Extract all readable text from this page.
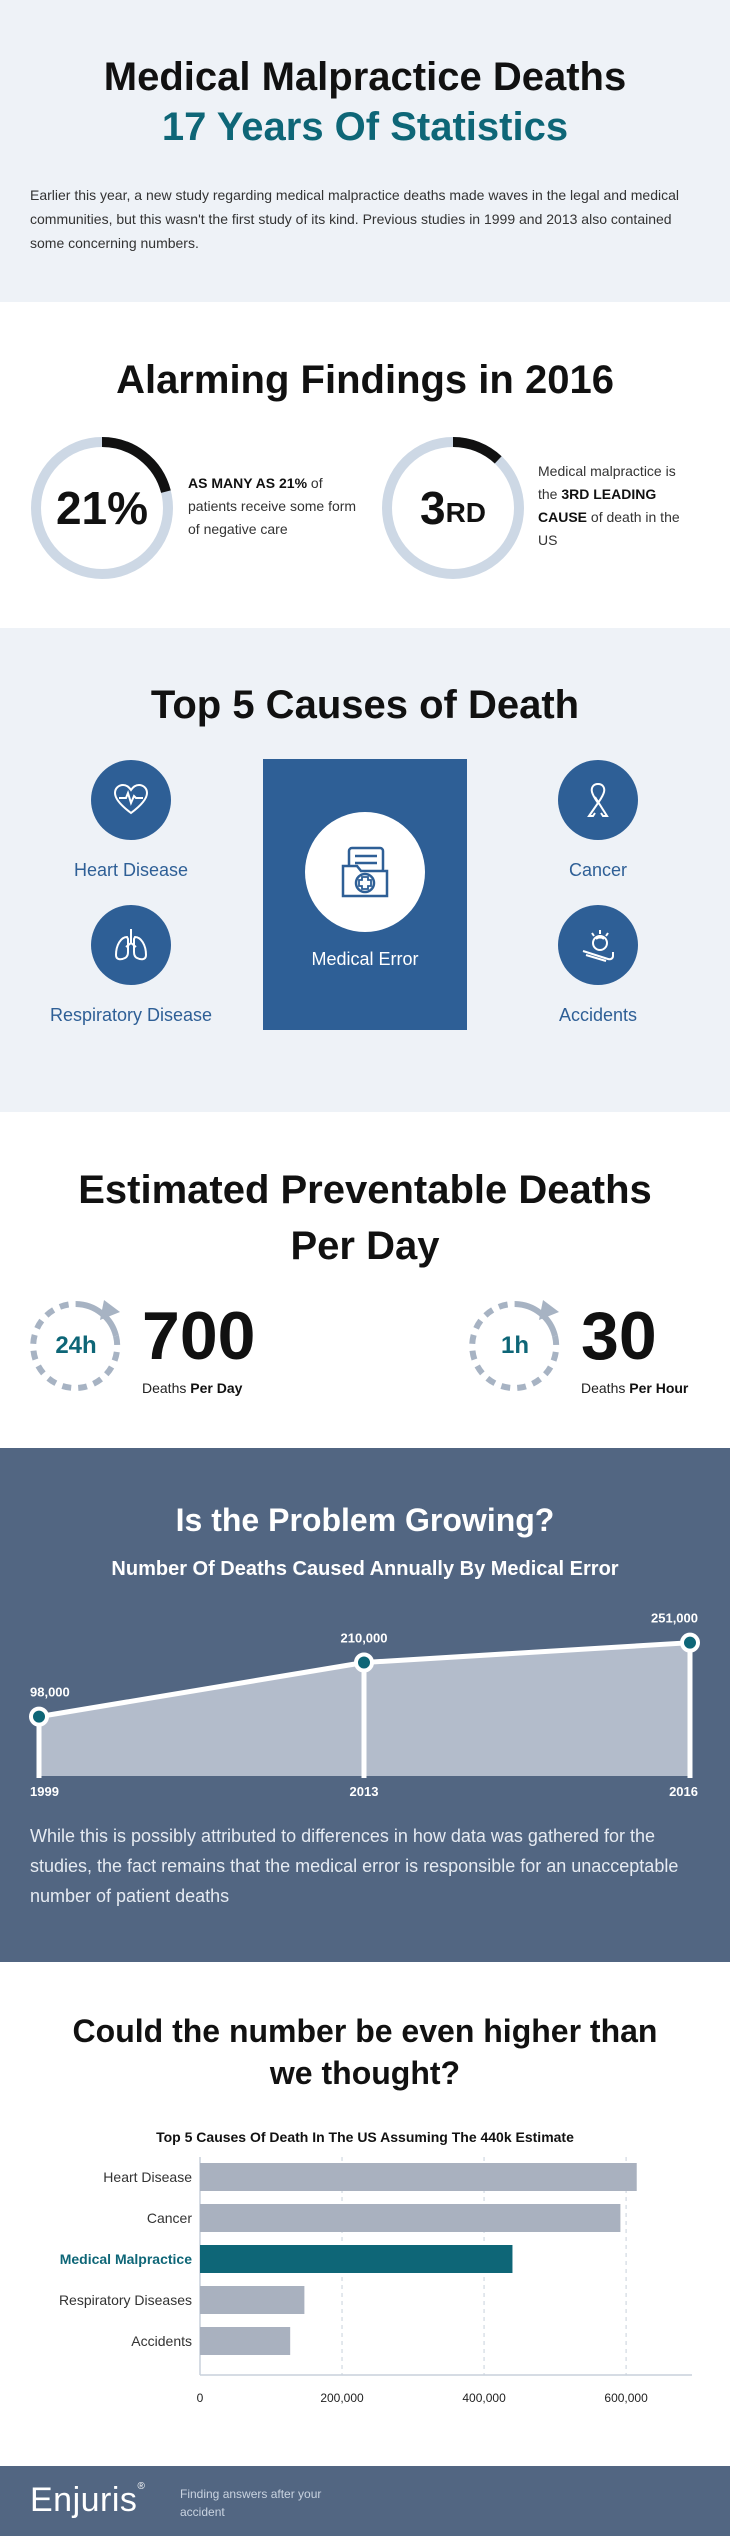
Medical Malpractice Deaths
17 Years Of Statistics

Earlier this year, a new study regarding medical malpractice deaths made waves in the legal and medical communities, but this wasn't the first study of its kind. Previous studies in 1999 and 2013 also contained some concerning numbers.

Alarming Findings in 2016
21%	AS MANY AS 21% of patients receive some form of negative care	3 RD

Medical malpractice is the 3RD LEADING CAUSE of death in the US

Top 5 Causes of Death
Heart Disease
Respiratory Disease
Medical Error
Cancer
Accidents
Estimated Preventable Deaths
Per Day
24h 700
Deaths Per Day
1h 30
Deaths Per Hour
Is the Problem Growing?
Number Of Deaths Caused Annually By Medical Error
98,000
1999
210,000
2013
251,000
2016

While this is possibly attributed to differences in how data was gathered for the studies, the fact remains that the medical error is responsible for an unacceptable number of patient deaths

Could the number be even higher than
we thought?
Top 5 Causes Of Death In The US Assuming The 440k Estimate
Heart Disease
Cancer
Medical Malpractice
Respiratory Diseases
Accidents
0	200,000	400,000	600,000
Enjuris®
Finding answers after your accident
